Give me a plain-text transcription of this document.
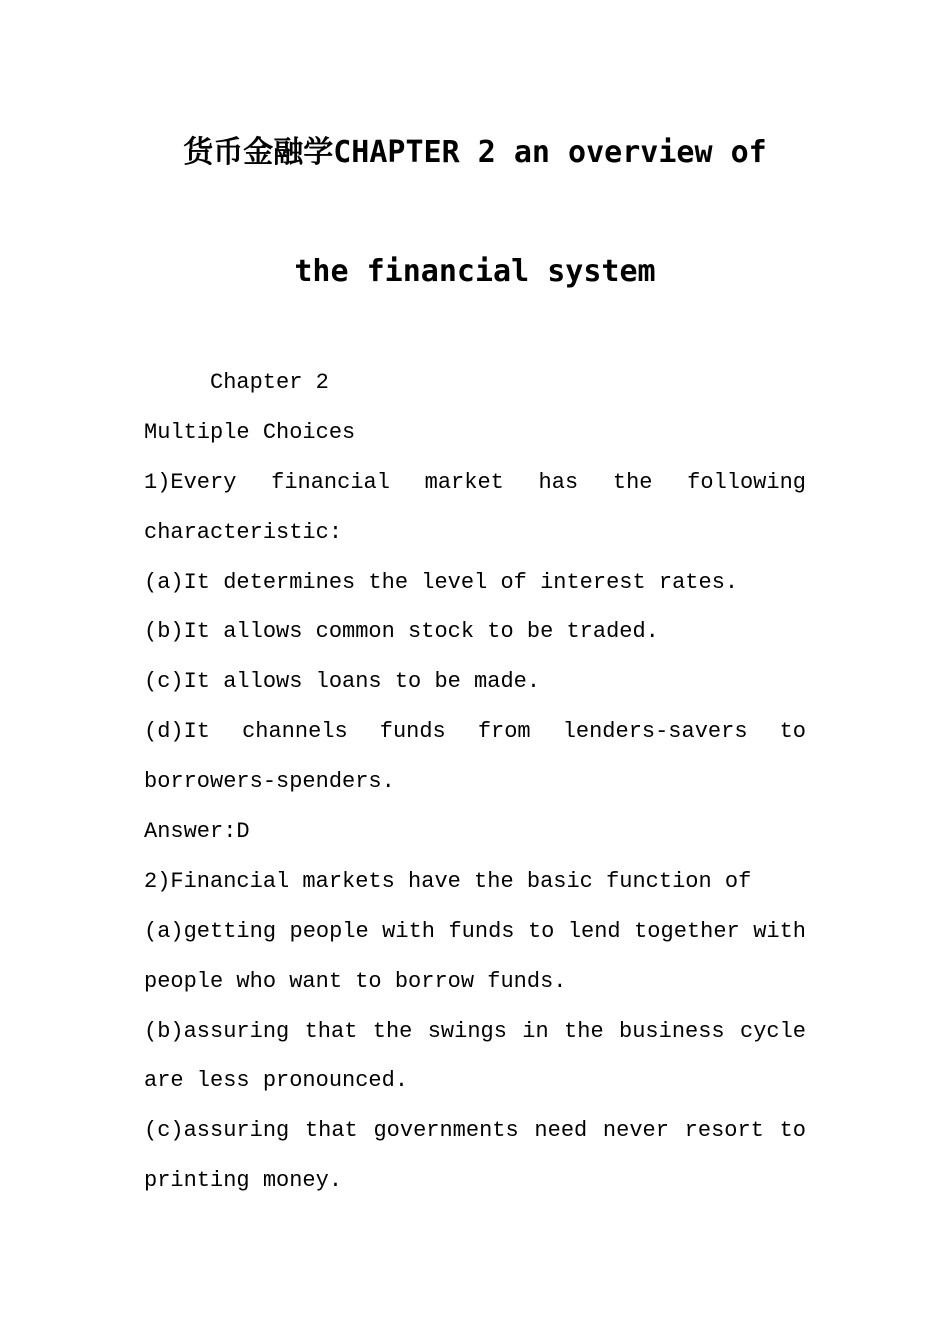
货币金融学CHAPTER 2 an overview of
the financial system
Chapter 2
Multiple Choices
1)Every financial market has the following
characteristic:
(a)It determines the level of interest rates.
(b)It allows common stock to be traded.
(c)It allows loans to be made.
(d)It channels funds from lenders-savers to
borrowers-spenders.
Answer:D
2)Financial markets have the basic function of
(a)getting people with funds to lend together with
people who want to borrow funds.
(b)assuring that the swings in the business cycle
are less pronounced.
(c)assuring that governments need never resort to
printing money.
